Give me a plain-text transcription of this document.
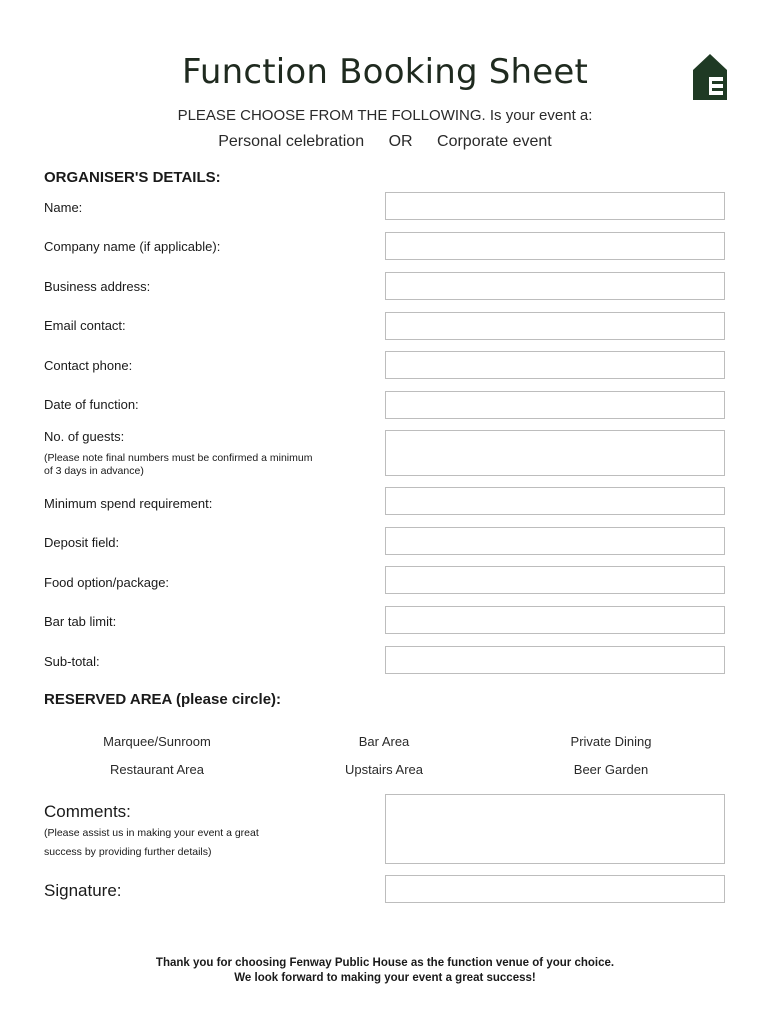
Function Booking Sheet
PLEASE CHOOSE FROM THE FOLLOWING. Is your event a:
Personal celebration OR Corporate event
ORGANISER'S DETAILS:
Name:
Company name (if applicable):
Business address:
Email contact:
Contact phone:
Date of function:
No. of guests:
(Please note final numbers must be confirmed a minimum of 3 days in advance)
Minimum spend requirement:
Deposit field:
Food option/package:
Bar tab limit:
Sub-total:
RESERVED AREA (please circle):
Marquee/Sunroom	Bar Area	Private Dining
Restaurant Area	Upstairs Area	Beer Garden
Comments:
(Please assist us in making your event a great
success by providing further details)
Signature:
Thank you for choosing Fenway Public House as the function venue of your choice.
We look forward to making your event a great success!
